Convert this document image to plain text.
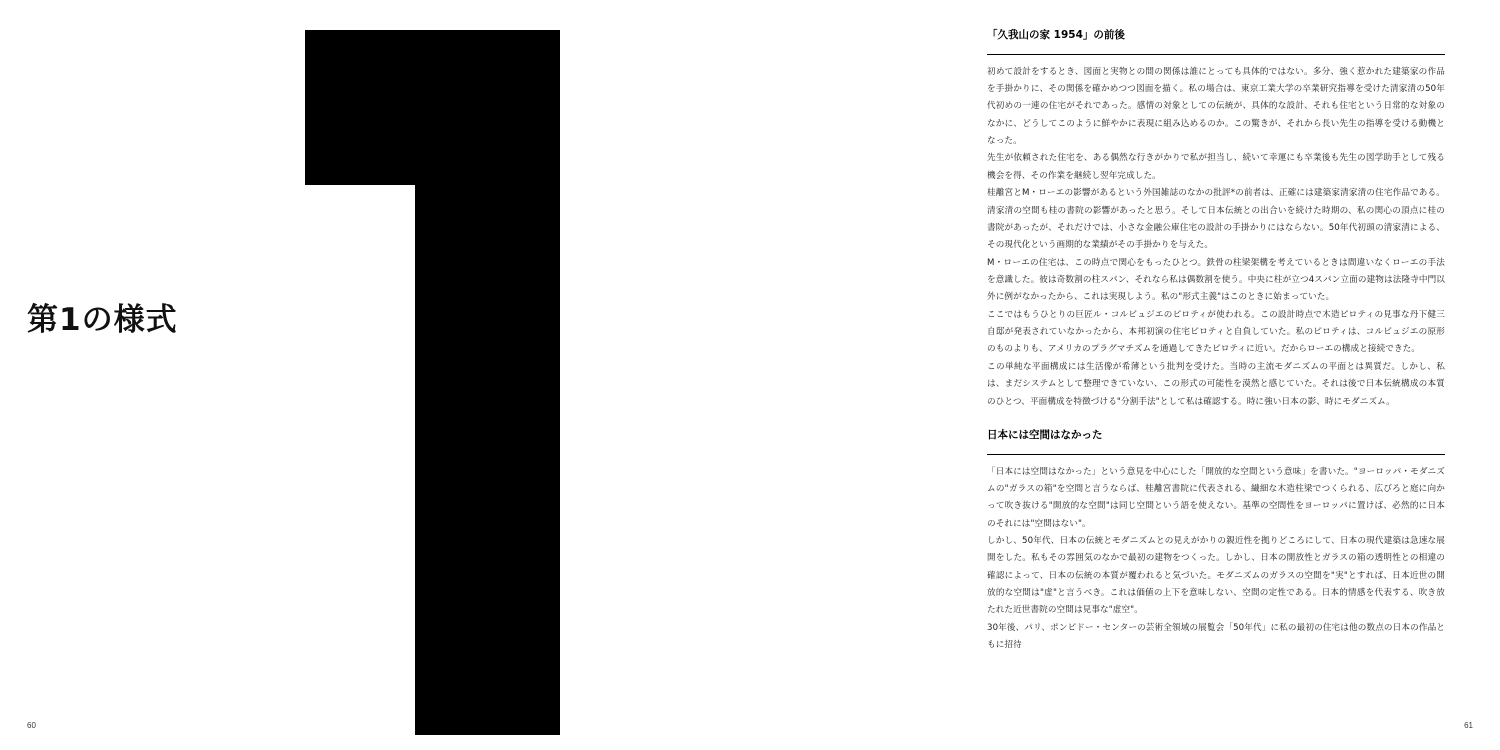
第1の様式
60
「久我山の家 1954」の前後

初めて設計をするとき、図面と実物との間の関係は誰にとっても具体的ではない。多分、強く惹かれた建築家の作品を手掛かりに、その関係を確かめつつ図面を描く。私の場合は、東京工業大学の卒業研究指導を受けた清家清の50年代初めの一連の住宅がそれであった。感情の対象としての伝統が、具体的な設計、それも住宅という日常的な対象のなかに、どうしてこのように鮮やかに表現に組み込めるのか。この驚きが、それから長い先生の指導を受ける動機となった。

先生が依頼された住宅を、ある偶然な行きがかりで私が担当し、続いて幸運にも卒業後も先生の図学助手として残る機会を得、その作業を継続し翌年完成した。

桂離宮とM・ローエの影響があるという外国雑誌のなかの批評*の前者は、正確には建築家清家清の住宅作品である。清家清の空間も桂の書院の影響があったと思う。そして日本伝統との出合いを続けた時期の、私の関心の頂点に桂の書院があったが、それだけでは、小さな金融公庫住宅の設計の手掛かりにはならない。50年代初頭の清家清による、その現代化という画期的な業績がその手掛かりを与えた。

M・ローエの住宅は、この時点で関心をもったひとつ。鉄骨の柱梁架構を考えているときは間違いなくローエの手法を意識した。彼は奇数割の柱スパン、それなら私は偶数割を使う。中央に柱が立つ4スパン立面の建物は法隆寺中門以外に例がなかったから、これは実現しよう。私の"形式主義"はこのときに始まっていた。

ここではもうひとりの巨匠ル・コルビュジエのピロティが使われる。この設計時点で木造ピロティの見事な丹下健三自邸が発表されていなかったから、本邦初演の住宅ピロティと自負していた。私のピロティは、コルビュジエの原形のものよりも、アメリカのプラグマチズムを通過してきたピロティに近い。だからローエの構成と接続できた。

この単純な平面構成には生活像が希薄という批判を受けた。当時の主流モダニズムの平面とは異質だ。しかし、私は、まだシステムとして整理できていない、この形式の可能性を漠然と感じていた。それは後で日本伝統構成の本質のひとつ、平面構成を特徴づける"分割手法"として私は確認する。時に強い日本の影、時にモダニズム。

日本には空間はなかった

「日本には空間はなかった」という意見を中心にした「開放的な空間という意味」を書いた。"ヨーロッパ・モダニズムの"ガラスの箱"を空間と言うならば、桂離宮書院に代表される、繊細な木造柱梁でつくられる、広びろと庭に向かって吹き抜ける"開放的な空間"は同じ空間という語を使えない。基準の空間性をヨーロッパに置けば、必然的に日本のそれには"空間はない"。

しかし、50年代、日本の伝統とモダニズムとの見えがかりの親近性を拠りどころにして、日本の現代建築は急速な展開をした。私もその雰囲気のなかで最初の建物をつくった。しかし、日本の開放性とガラスの箱の透明性との相違の確認によって、日本の伝統の本質が覆われると気づいた。モダニズムのガラスの空間を"実"とすれば、日本近世の開放的な空間は"虚"と言うべき。これは価値の上下を意味しない、空間の定性である。日本的情感を代表する、吹き放たれた近世書院の空間は見事な"虚空"。

30年後、パリ、ポンピドー・センターの芸術全領域の展覧会「50年代」に私の最初の住宅は他の数点の日本の作品ともに招待

61
